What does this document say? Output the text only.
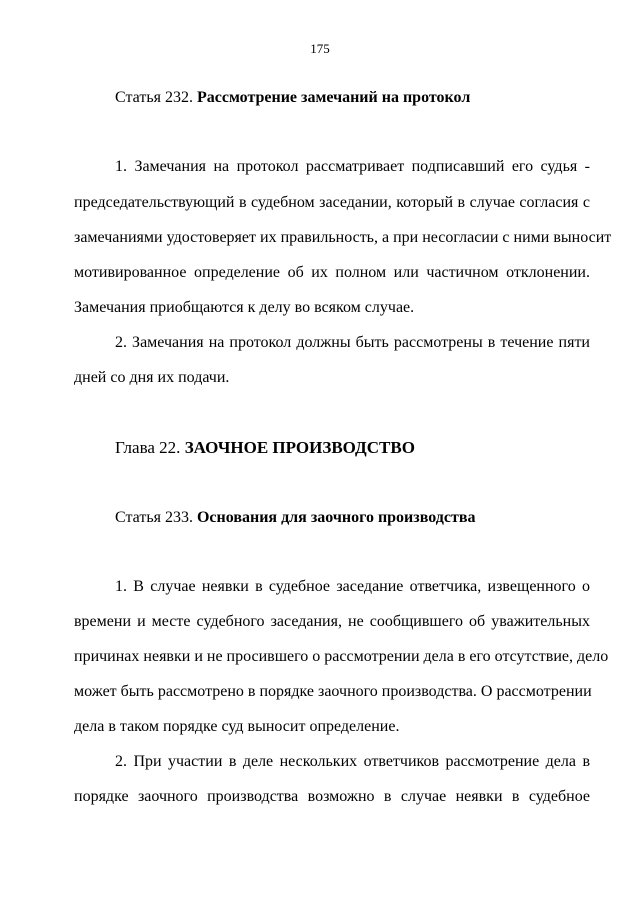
175
Статья 232. Рассмотрение замечаний на протокол
1. Замечания на протокол рассматривает подписавший его судья -
председательствующий в судебном заседании, который в случае согласия с
замечаниями удостоверяет их правильность, а при несогласии с ними выносит
мотивированное определение об их полном или частичном отклонении.
Замечания приобщаются к делу во всяком случае.
2. Замечания на протокол должны быть рассмотрены в течение пяти
дней со дня их подачи.
Глава 22. ЗАОЧНОЕ ПРОИЗВОДСТВО
Статья 233. Основания для заочного производства
1. В случае неявки в судебное заседание ответчика, извещенного о
времени и месте судебного заседания, не сообщившего об уважительных
причинах неявки и не просившего о рассмотрении дела в его отсутствие, дело
может быть рассмотрено в порядке заочного производства. О рассмотрении
дела в таком порядке суд выносит определение.
2. При участии в деле нескольких ответчиков рассмотрение дела в
порядке заочного производства возможно в случае неявки в судебное
